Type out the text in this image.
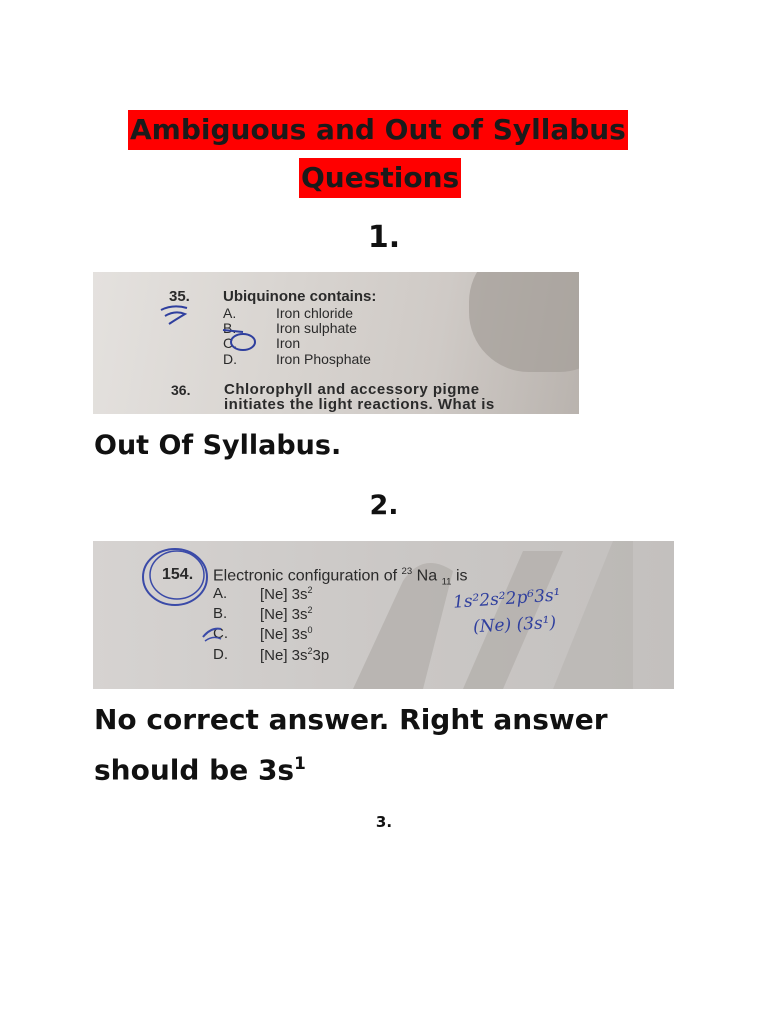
Ambiguous and Out of Syllabus
Questions
1.
35. Ubiquinone contains:
A.	Iron chloride
B.	Iron sulphate
C.	Iron
D.	Iron Phosphate
36. Chlorophyll and accessory pigme
initiates the light reactions. What is
Out Of Syllabus.
2.
154. Electronic configuration of $^{23}$ Na $_{11}$ is
A. [Ne] $3s^2$
B. [Ne] $3s^2$
C. [Ne] $3s^0$
D. [Ne] $3s^23p$
1s²2s²2p⁶3s¹
(Ne) (3s¹)
No correct answer. Right answer
should be $3s^1$
3.
